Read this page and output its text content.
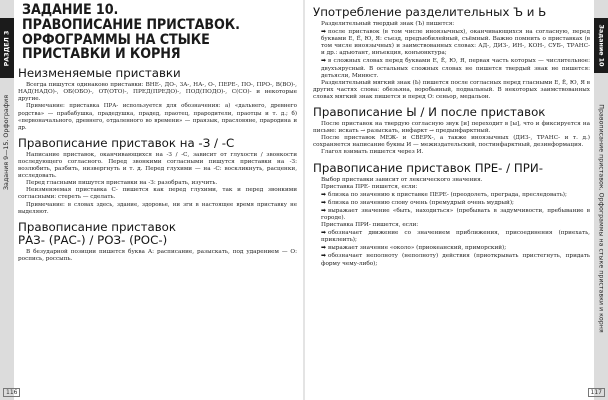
РАЗДЕЛ 3
Задания 9—15. Орфография
ЗАДАНИЕ 10.
ПРАВОПИСАНИЕ ПРИСТАВОК.
ОРФОГРАММЫ НА СТЫКЕ
ПРИСТАВКИ И КОРНЯ
Неизменяемые приставки

Всегда пишутся одинаково приставки: ВНЕ-, ДО-, ЗА-, НА-, О-, ПЕРЕ-, ПО-, ПРО-, В(ВО)-, НАД(НАДО)-, ОБ(ОБО)-, ОТ(ОТО)-, ПРЕД(ПРЕДО)-, ПОД(ПОДО)-, С(СО)- и некоторые другие.

Примечание: приставка ПРА- используется для обозначения: а) «дальнего, древнего родства» — прабабушка, прадедушка, прадед, праотец, прародители, праотцы и т. д.; б) «первоначального, древнего, отдаленного во времени» — праязык, прасловяне, прародина и др.

Правописание приставок на -З / -С

Написание приставок, оканчивающихся на -З / -С, зависит от глухости / звонкости последующего согласного. Перед звонкими согласными пишутся приставки на -З: возлюбить, разбить, низвергнуть и т. д. Перед глухими — на -С: воскликнуть, расценки, исследовать.

Перед гласными пишутся приставки на -З: разобрать, изучить.

Неизменяемая приставка С- пишется как перед глухими, так и перед звонкими согласными: стереть — сделать.

Примечание: в словах здесь, здание, здоровье, ни зги в настоящее время приставку не выделяют.

Правописание приставок
РАЗ- (РАС-) / РОЗ- (РОС-)

В безударной позиции пишется буква А: расписание, разыскать, под ударением — О: роспись, россыпь.

116
Задание 10
Правописание приставок. Орфограммы на стыке приставки и корня
Употребление разделительных Ъ и Ь

Разделительный твердый знак (Ъ) пишется:

➡ после приставок (в том числе иноязычных), оканчивающихся на согласную, перед буквами Е, Ё, Ю, Я: съезд, предъюбилейный, съёмный. Важно помнить о приставках (в том числе иноязычных) и заимствованных словах: АД-, ДИЗ-, ИН-, КОН-, СУБ-, ТРАНС- и др.: адъютант, инъекция, конъюнктура;
➡ в сложных словах перед буквами Е, Ё, Ю, Я, первая часть которых — числительное: двухъярусный. В остальных сложных словах не пишется твердый знак не пишется: детьясли, Минюст.

Разделительный мягкий знак (Ь) пишется после согласных перед гласными Е, Ё, Ю, Я в других частях слова: обезьяна, воробьиный, подвальный. В некоторых заимствованных словах мягкий знак пишется и перед О: сеньор, медальон.

Правописание Ы / И после приставок

После приставок на твердую согласную звук [и] переходит в [ы], что и фиксируется на письме: искать → разыскать, инфаркт → предынфарктный.

После приставок МЕЖ- и СВЕРХ-, а также иноязычных (ДИЗ-, ТРАНС- и т. д.) сохраняется написание буквы И — межиздательский, постинфарктный, дезинформация.

Глагол взимать пишется через И.

Правописание приставок ПРЕ- / ПРИ-

Выбор приставки зависит от лексического значения.

Приставка ПРЕ- пишется, если:

➡ близка по значению к приставке ПЕРЕ- (преодолеть, преграда, преследовать);
➡ близка по значению слову очень (премудрый очень мудрый);
➡ выражает значение «быть, находиться» (пребывать в задумчивости, пребывание в городе).

Приставка ПРИ- пишется, если:

➡ обозначает движение со значением приближения, присоединения (приехать, приклеить);
➡ выражает значение «около» (приокеанский, приморский);
➡ обозначает неполноту (неполноту) действия (приоткрывать пристегнуть, придать форму чему-либо);
117
